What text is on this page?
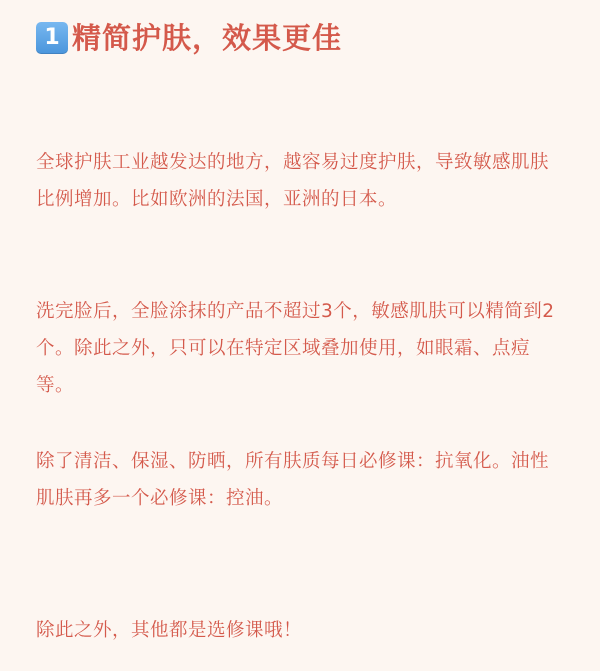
1 精简护肤，效果更佳

全球护肤工业越发达的地方，越容易过度护肤，导致敏感肌肤比例增加。比如欧洲的法国，亚洲的日本。

洗完脸后，全脸涂抹的产品不超过3个，敏感肌肤可以精简到2个。除此之外，只可以在特定区域叠加使用，如眼霜、点痘等。

除了清洁、保湿、防晒，所有肤质每日必修课：抗氧化。油性肌肤再多一个必修课：控油。

除此之外，其他都是选修课哦！
